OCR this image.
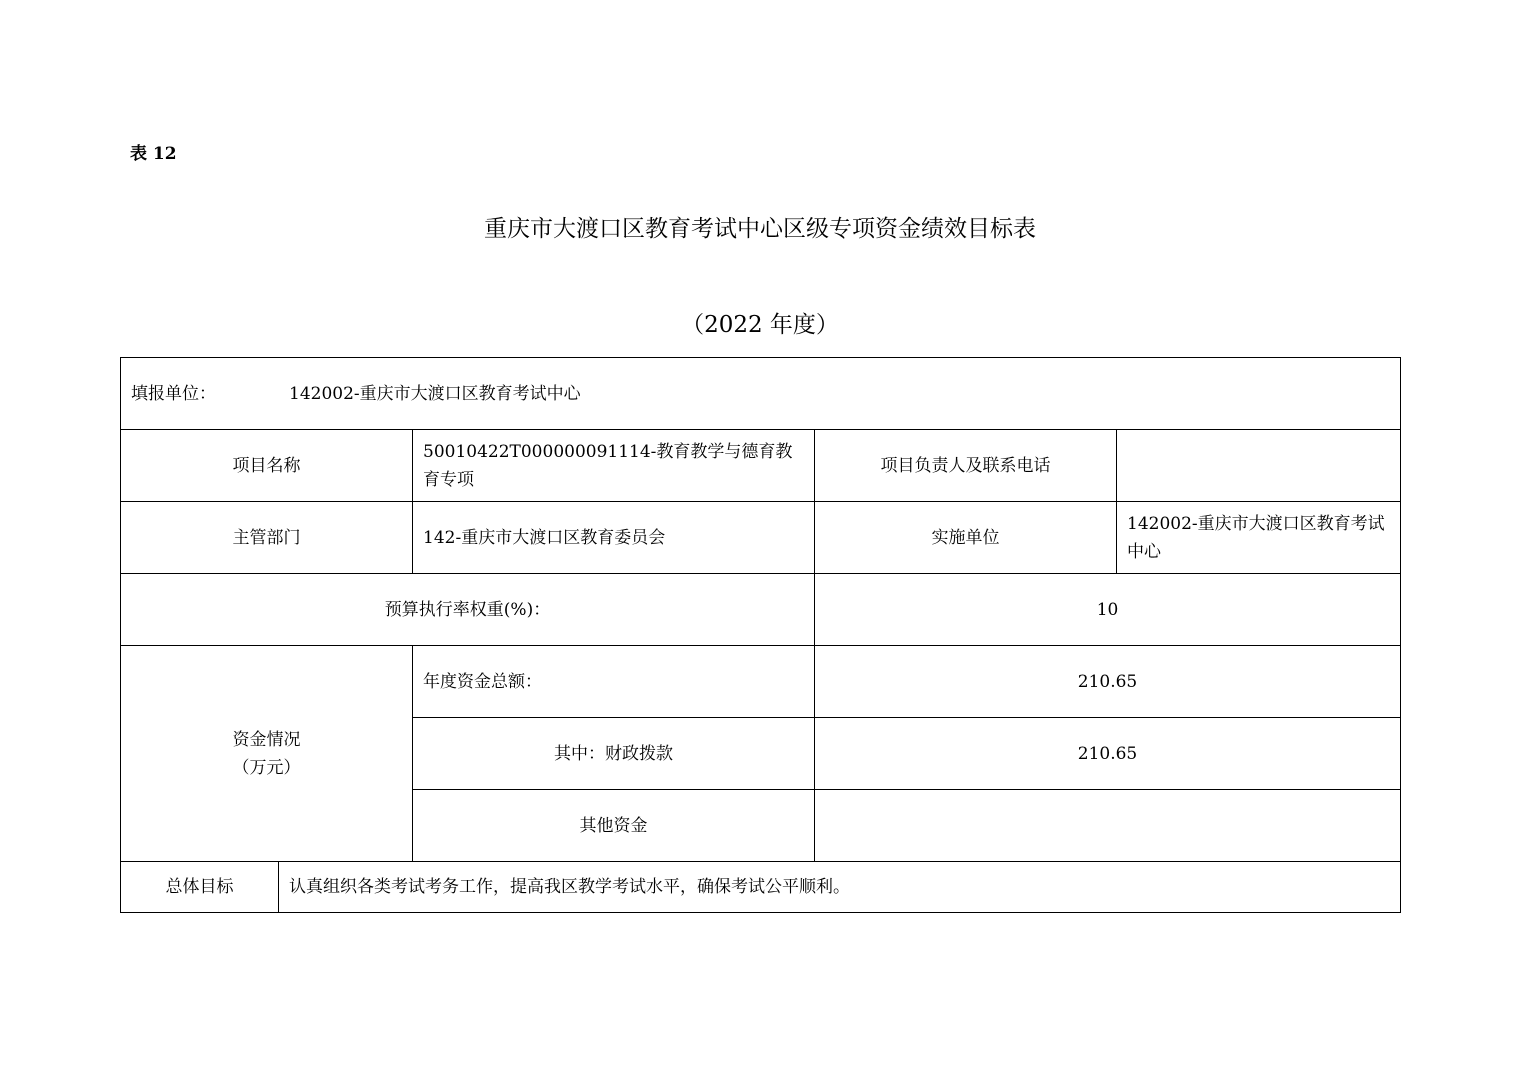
表 12
重庆市大渡口区教育考试中心区级专项资金绩效目标表
（2022 年度）
填报单位： 142002-重庆市大渡口区教育考试中心				
项目名称		50010422T000000091114-教育教学与德育教育专项	项目负责人及联系电话	
主管部门		142-重庆市大渡口区教育委员会	实施单位	142002-重庆市大渡口区教育考试中心
预算执行率权重(%)：			10	

资金情况
（万元）		年度资金总额：	210.65	
		其中：财政拨款	210.65	
		其他资金		
总体目标	认真组织各类考试考务工作，提高我区教学考试水平，确保考试公平顺利。			
